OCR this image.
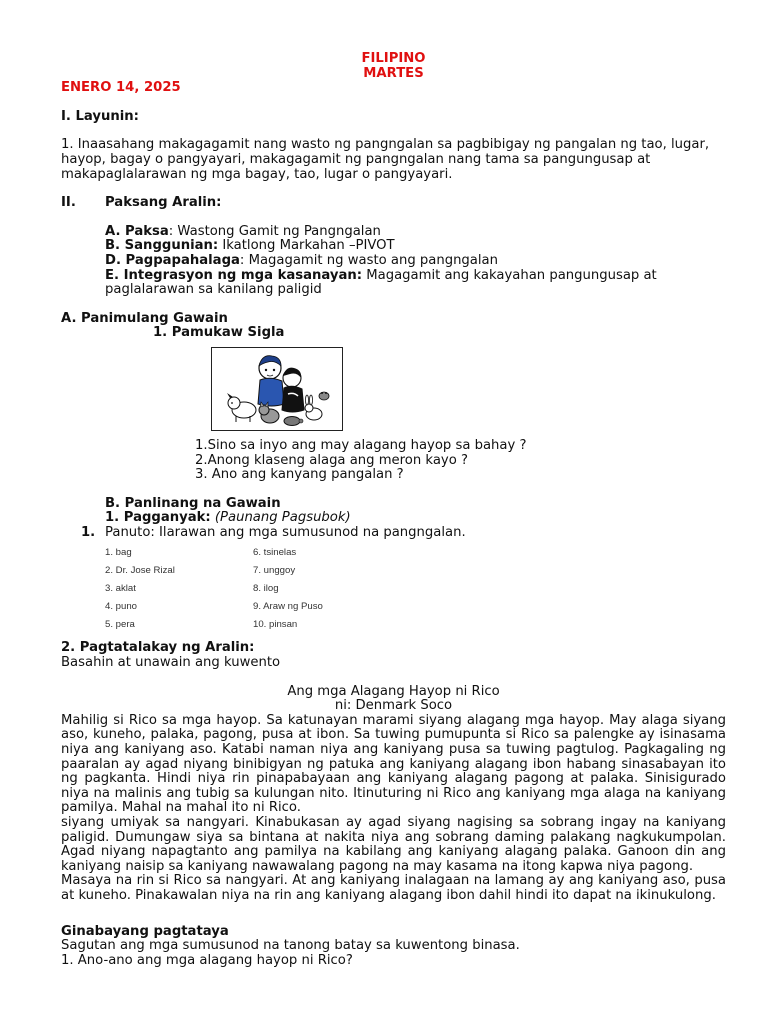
FILIPINO

MARTES

ENERO 14, 2025

I. Layunin:

1. Inaasahang makagagamit nang wasto ng pangngalan sa pagbibigay ng pangalan ng tao, lugar, hayop, bagay o pangyayari, makagagamit ng pangngalan nang tama sa pangungusap at makapaglalarawan ng mga bagay, tao, lugar o pangyayari.

II.	Paksang Aralin:

A. Paksa: Wastong Gamit ng Pangngalan

B. Sanggunian: Ikatlong Markahan –PIVOT

D. Pagpapahalaga: Magagamit ng wasto ang pangngalan

E. Integrasyon ng mga kasanayan: Magagamit ang kakayahan pangungusap at paglalarawan sa kanilang paligid

A. Panimulang Gawain

1. Pamukaw Sigla

1.Sino sa inyo ang may alagang hayop sa bahay ?

2.Anong klaseng alaga ang meron kayo ?

3. Ano ang kanyang pangalan ?

B. Panlinang na Gawain

1. Pagganyak: (Paunang Pagsubok)

1. Panuto: Ilarawan ang mga sumusunod na pangngalan.
1. bag	6. tsinelas
2. Dr. Jose Rizal	7. unggoy
3. aklat	8. ilog
4. puno	9. Araw ng Puso
5. pera	10. pinsan

2. Pagtatalakay ng Aralin:

Basahin at unawain ang kuwento

Ang mga Alagang Hayop ni Rico

ni: Denmark Soco

Mahilig si Rico sa mga hayop. Sa katunayan marami siyang alagang mga hayop. May alaga siyang aso, kuneho, palaka, pagong, pusa at ibon. Sa tuwing pumupunta si Rico sa palengke ay isinasama niya ang kaniyang aso. Katabi naman niya ang kaniyang pusa sa tuwing pagtulog. Pagkagaling ng paaralan ay agad niyang binibigyan ng patuka ang kaniyang alagang ibon habang sinasabayan ito ng pagkanta. Hindi niya rin pinapabayaan ang kaniyang alagang pagong at palaka. Sinisigurado niya na malinis ang tubig sa kulungan nito. Itinuturing ni Rico ang kaniyang mga alaga na kaniyang pamilya. Mahal na mahal ito ni Rico.

siyang umiyak sa nangyari. Kinabukasan ay agad siyang nagising sa sobrang ingay na kaniyang paligid. Dumungaw siya sa bintana at nakita niya ang sobrang daming palakang nagkukumpolan. Agad niyang napagtanto ang pamilya na kabilang ang kaniyang alagang palaka. Ganoon din ang kaniyang naisip sa kaniyang nawawalang pagong na may kasama na itong kapwa niya pagong.

Masaya na rin si Rico sa nangyari. At ang kaniyang inalagaan na lamang ay ang kaniyang aso, pusa at kuneho. Pinakawalan niya na rin ang kaniyang alagang ibon dahil hindi ito dapat na ikinukulong.

Ginabayang pagtataya

Sagutan ang mga sumusunod na tanong batay sa kuwentong binasa.

1. Ano-ano ang mga alagang hayop ni Rico?
